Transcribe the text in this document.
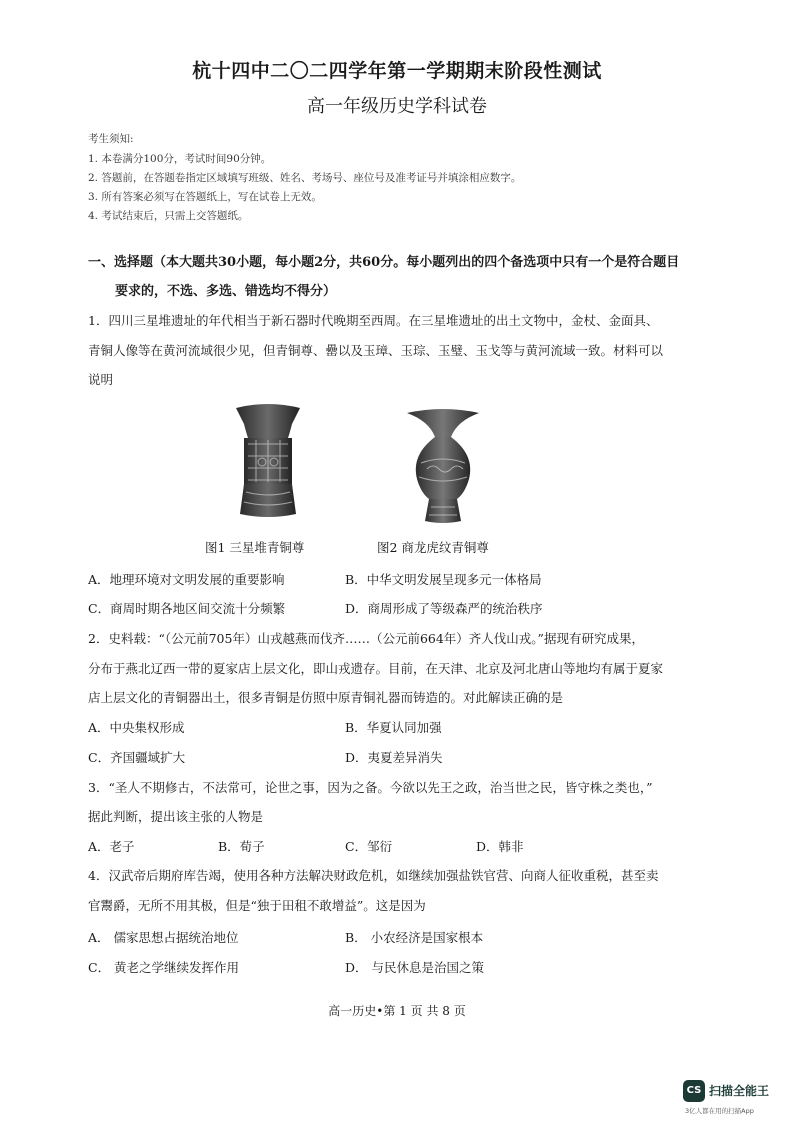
杭十四中二〇二四学年第一学期期末阶段性测试
高一年级历史学科试卷
考生须知:
1. 本卷满分100分，考试时间90分钟。
2. 答题前，在答题卷指定区域填写班级、姓名、考场号、座位号及准考证号并填涂相应数字。
3. 所有答案必须写在答题纸上，写在试卷上无效。
4. 考试结束后，只需上交答题纸。
一、选择题（本大题共30小题，每小题2分，共60分。每小题列出的四个备选项中只有一个是符合题目
要求的，不选、多选、错选均不得分）
1．四川三星堆遗址的年代相当于新石器时代晚期至西周。在三星堆遗址的出土文物中，金杖、金面具、
青铜人像等在黄河流域很少见，但青铜尊、罍以及玉璋、玉琮、玉璧、玉戈等与黄河流域一致。材料可以
说明
图1 三星堆青铜尊	图2 商龙虎纹青铜尊
A．地理环境对文明发展的重要影响	B．中华文明发展呈现多元一体格局
C．商周时期各地区间交流十分频繁	D．商周形成了等级森严的统治秩序
2．史料载：“（公元前705年）山戎越燕而伐齐……（公元前664年）齐人伐山戎。”据现有研究成果，
分布于燕北辽西一带的夏家店上层文化，即山戎遗存。目前，在天津、北京及河北唐山等地均有属于夏家
店上层文化的青铜器出土，很多青铜是仿照中原青铜礼器而铸造的。对此解读正确的是
A．中央集权形成	B．华夏认同加强
C．齐国疆域扩大	D．夷夏差异消失
3．“圣人不期修古，不法常可，论世之事，因为之备。今欲以先王之政，治当世之民，皆守株之类也，”
据此判断，提出该主张的人物是
A．老子	B．荀子	C．邹衍	D．韩非
4．汉武帝后期府库告竭，使用各种方法解决财政危机，如继续加强盐铁官营、向商人征收重税，甚至卖
官鬻爵，无所不用其极，但是“独于田租不敢增益”。这是因为
A． 儒家思想占据统治地位	B． 小农经济是国家根本
C． 黄老之学继续发挥作用	D． 与民休息是治国之策
高一历史•第 1 页 共 8 页
CS 扫描全能王
3亿人都在用的扫描App
